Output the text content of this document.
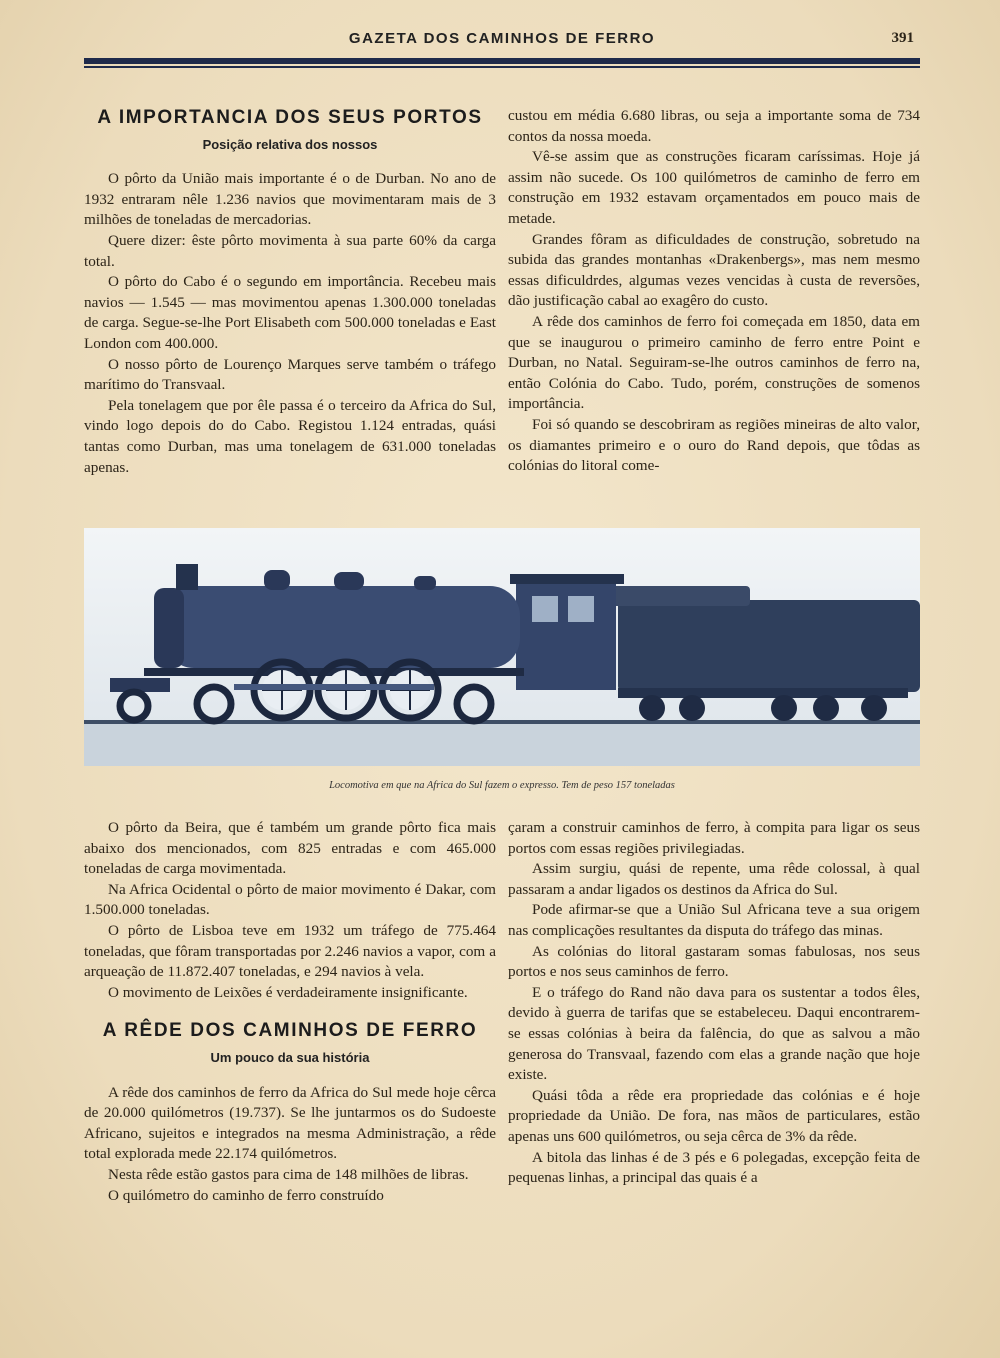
GAZETA DOS CAMINHOS DE FERRO	391
A IMPORTANCIA DOS SEUS PORTOS
Posição relativa dos nossos

O pôrto da União mais importante é o de Durban. No ano de 1932 entraram nêle 1.236 navios que movimentaram mais de 3 milhões de toneladas de mercadorias.

Quere dizer: êste pôrto movimenta à sua parte 60% da carga total.

O pôrto do Cabo é o segundo em importância. Recebeu mais navios — 1.545 — mas movimentou apenas 1.300.000 toneladas de carga. Segue-se-lhe Port Elisabeth com 500.000 toneladas e East London com 400.000.

O nosso pôrto de Lourenço Marques serve também o tráfego marítimo do Transvaal.

Pela tonelagem que por êle passa é o terceiro da Africa do Sul, vindo logo depois do do Cabo. Registou 1.124 entradas, quási tantas como Durban, mas uma tonelagem de 631.000 toneladas apenas.

custou em média 6.680 libras, ou seja a importante soma de 734 contos da nossa moeda.

Vê-se assim que as construções ficaram caríssimas. Hoje já assim não sucede. Os 100 quilómetros de caminho de ferro em construção em 1932 estavam orçamentados em pouco mais de metade.

Grandes fôram as dificuldades de construção, sobretudo na subida das grandes montanhas «Drakenbergs», mas nem mesmo essas dificuldrdes, algumas vezes vencidas à custa de reversões, dão justificação cabal ao exagêro do custo.

A rêde dos caminhos de ferro foi começada em 1850, data em que se inaugurou o primeiro caminho de ferro entre Point e Durban, no Natal. Seguiram-se-lhe outros caminhos de ferro na, então Colónia do Cabo. Tudo, porém, construções de somenos importância.

Foi só quando se descobriram as regiões mineiras de alto valor, os diamantes primeiro e o ouro do Rand depois, que tôdas as colónias do litoral come-

Locomotiva em que na Africa do Sul fazem o expresso. Tem de peso 157 toneladas

O pôrto da Beira, que é também um grande pôrto fica mais abaixo dos mencionados, com 825 entradas e com 465.000 toneladas de carga movimentada.

Na Africa Ocidental o pôrto de maior movimento é Dakar, com 1.500.000 toneladas.

O pôrto de Lisboa teve em 1932 um tráfego de 775.464 toneladas, que fôram transportadas por 2.246 navios a vapor, com a arqueação de 11.872.407 toneladas, e 294 navios à vela.

O movimento de Leixões é verdadeiramente insignificante.

A RÊDE DOS CAMINHOS DE FERRO
Um pouco da sua história

A rêde dos caminhos de ferro da Africa do Sul mede hoje cêrca de 20.000 quilómetros (19.737). Se lhe juntarmos os do Sudoeste Africano, sujeitos e integrados na mesma Administração, a rêde total explorada mede 22.174 quilómetros.

Nesta rêde estão gastos para cima de 148 milhões de libras.

O quilómetro do caminho de ferro construído

çaram a construir caminhos de ferro, à compita para ligar os seus portos com essas regiões privilegiadas.

Assim surgiu, quási de repente, uma rêde colossal, à qual passaram a andar ligados os destinos da Africa do Sul.

Pode afirmar-se que a União Sul Africana teve a sua origem nas complicações resultantes da disputa do tráfego das minas.

As colónias do litoral gastaram somas fabulosas, nos seus portos e nos seus caminhos de ferro.

E o tráfego do Rand não dava para os sustentar a todos êles, devido à guerra de tarifas que se estabeleceu. Daqui encontrarem-se essas colónias à beira da falência, do que as salvou a mão generosa do Transvaal, fazendo com elas a grande nação que hoje existe.

Quási tôda a rêde era propriedade das colónias e é hoje propriedade da União. De fora, nas mãos de particulares, estão apenas uns 600 quilómetros, ou seja cêrca de 3% da rêde.

A bitola das linhas é de 3 pés e 6 polegadas, excepção feita de pequenas linhas, a principal das quais é a
